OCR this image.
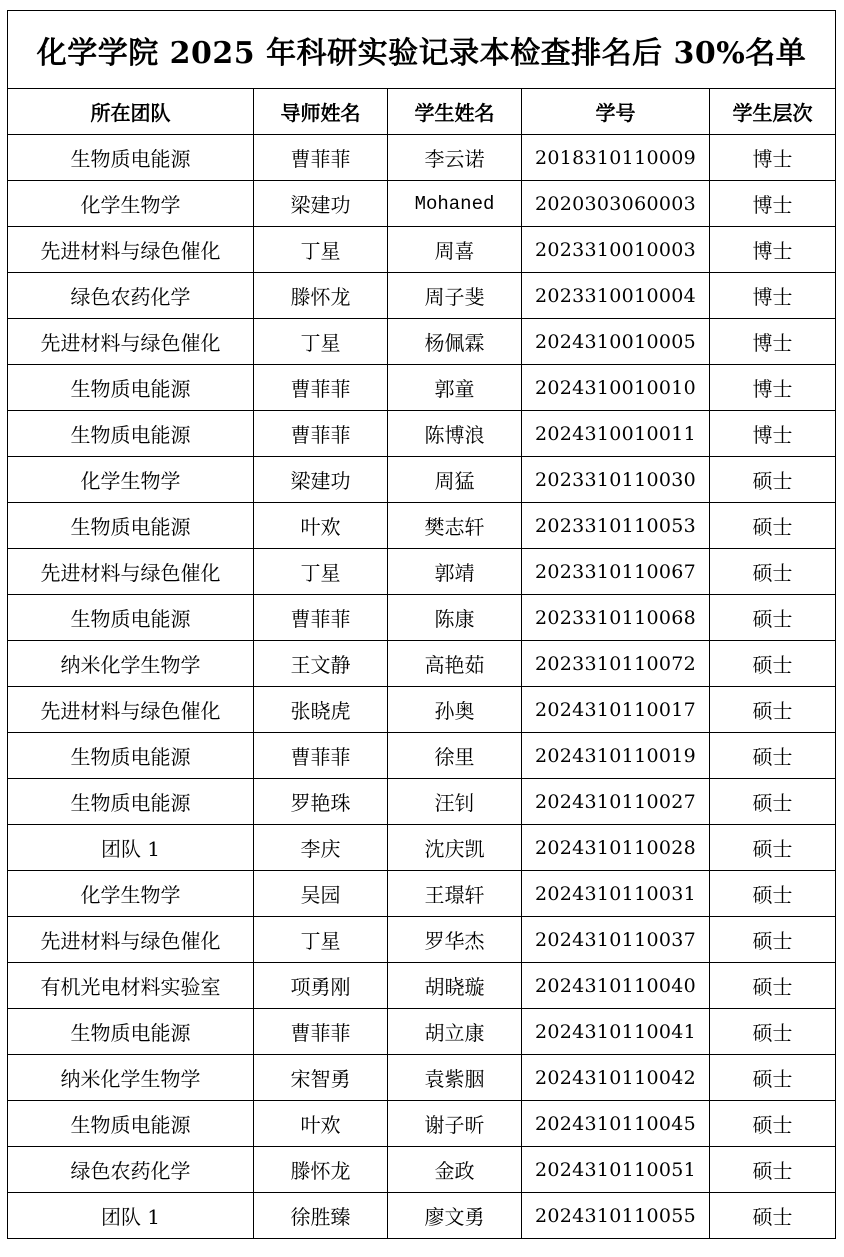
化学学院 2025 年科研实验记录本检查排名后 30%名单				
所在团队	导师姓名	学生姓名	学号	学生层次
生物质电能源	曹菲菲	李云诺	2018310110009	博士
化学生物学	梁建功	Mohaned	2020303060003	博士
先进材料与绿色催化	丁星	周喜	2023310010003	博士
绿色农药化学	滕怀龙	周子斐	2023310010004	博士
先进材料与绿色催化	丁星	杨佩霖	2024310010005	博士
生物质电能源	曹菲菲	郭童	2024310010010	博士
生物质电能源	曹菲菲	陈博浪	2024310010011	博士
化学生物学	梁建功	周猛	2023310110030	硕士
生物质电能源	叶欢	樊志轩	2023310110053	硕士
先进材料与绿色催化	丁星	郭靖	2023310110067	硕士
生物质电能源	曹菲菲	陈康	2023310110068	硕士
纳米化学生物学	王文静	高艳茹	2023310110072	硕士
先进材料与绿色催化	张晓虎	孙奥	2024310110017	硕士
生物质电能源	曹菲菲	徐里	2024310110019	硕士
生物质电能源	罗艳珠	汪钊	2024310110027	硕士
团队 1	李庆	沈庆凯	2024310110028	硕士
化学生物学	吴园	王璟轩	2024310110031	硕士
先进材料与绿色催化	丁星	罗华杰	2024310110037	硕士
有机光电材料实验室	项勇刚	胡晓璇	2024310110040	硕士
生物质电能源	曹菲菲	胡立康	2024310110041	硕士
纳米化学生物学	宋智勇	袁紫胭	2024310110042	硕士
生物质电能源	叶欢	谢子昕	2024310110045	硕士
绿色农药化学	滕怀龙	金政	2024310110051	硕士
团队 1	徐胜臻	廖文勇	2024310110055	硕士
